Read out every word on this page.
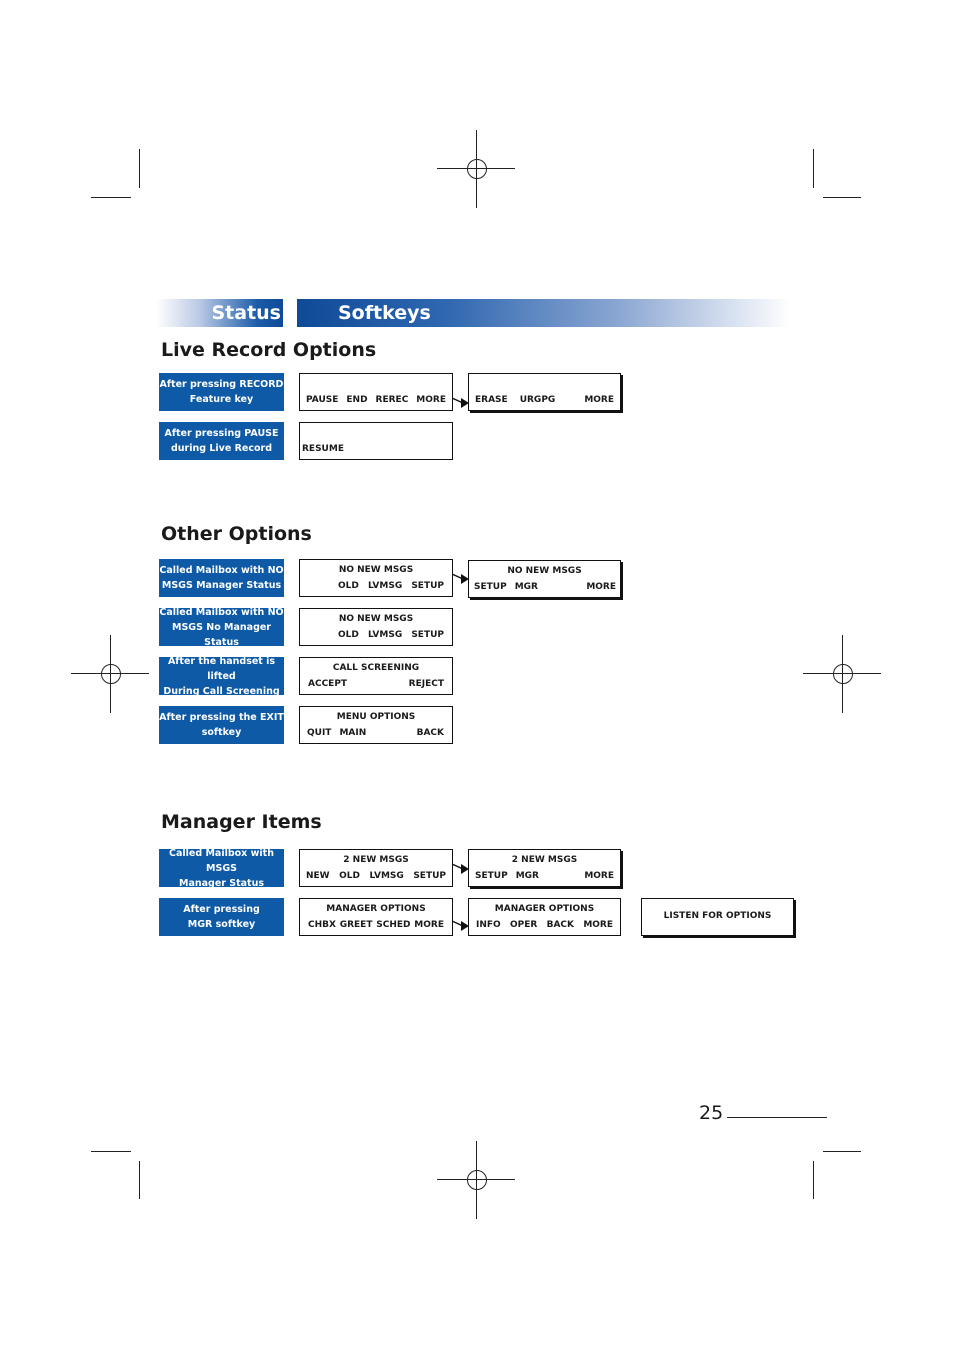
Status	Softkeys
Live Record Options
After pressing RECORD
Feature key	PAUSE END REREC MORE	ERASE URGPG	MORE
After pressing PAUSE
during Live Record	RESUME
Other Options
Called Mailbox with NO
MSGS Manager Status
NO NEW MSGS
OLD LVMSG SETUP
NO NEW MSGS
SETUP MGR	MORE
Called Mailbox with NO
MSGS No Manager Status
NO NEW MSGS
OLD LVMSG SETUP
After the handset is lifted
During Call Screening
CALL SCREENING
ACCEPT	REJECT
After pressing the EXIT
softkey
MENU OPTIONS
QUIT MAIN	BACK
Manager Items
Called Mailbox with MSGS
Manager Status
2 NEW MSGS
NEW OLD LVMSG SETUP
2 NEW MSGS
SETUP MGR	MORE
After pressing
MGR softkey
MANAGER OPTIONS
CHBX GREET SCHED MORE
MANAGER OPTIONS
INFO OPER BACK MORE
LISTEN FOR OPTIONS
25
